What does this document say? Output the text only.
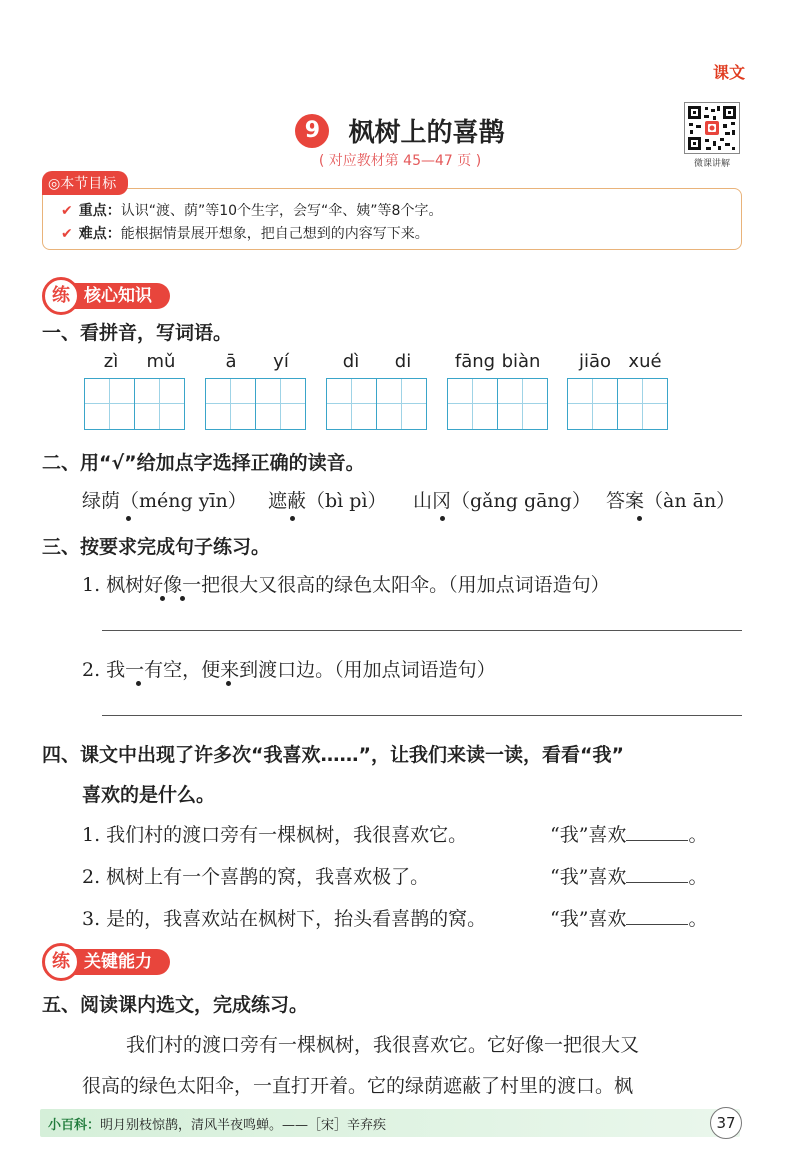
课文
9 枫树上的喜鹊
( 对应教材第 45—47 页 )	微课讲解
◎本节目标
✔ 重点：认识“渡、荫”等10个生字，会写“伞、姨”等8个字。
✔ 难点：能根据情景展开想象，把自己想到的内容写下来。
练 核心知识
一、看拼音，写词语。
zì	mǔ	ā	yí	dì	di	fāng biàn	jiāo xué
二、用“√”给加点字选择正确的读音。
绿荫（méng yīn） 遮蔽（bì pì） 山冈（gǎng gāng） 答案（àn ān）
三、按要求完成句子练习。
1. 枫树好像一把很大又很高的绿色太阳伞。（用加点词语造句）
2. 我一有空，便来到渡口边。（用加点词语造句）
四、课文中出现了许多次“我喜欢……”，让我们来读一读，看看“我”
喜欢的是什么。
1. 我们村的渡口旁有一棵枫树，我很喜欢它。	“我”喜欢	。
2. 枫树上有一个喜鹊的窝，我喜欢极了。	“我”喜欢	。
3. 是的，我喜欢站在枫树下，抬头看喜鹊的窝。	“我”喜欢	。
练 关键能力
五、阅读课内选文，完成练习。
我们村的渡口旁有一棵枫树，我很喜欢它。它好像一把很大又
很高的绿色太阳伞，一直打开着。它的绿荫遮蔽了村里的渡口。枫
小百科：明月别枝惊鹊，清风半夜鸣蝉。——［宋］辛弃疾	37
